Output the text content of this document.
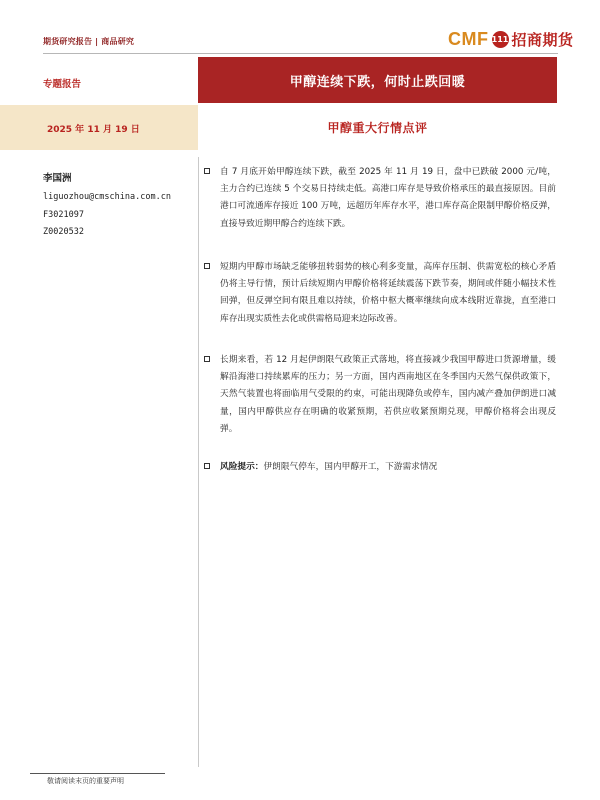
期货研究报告 | 商品研究	CMF 111 招商期货
专题报告
2025 年 11 月 19 日
甲醇连续下跌，何时止跌回暖
甲醇重大行情点评
李国洲
liguozhou@cmschina.com.cn
F3021097
Z0020532
自 7 月底开始甲醇连续下跌，截至 2025 年 11 月 19 日，盘中已跌破 2000 元/吨，主力合约已连续 5 个交易日持续走低。高港口库存是导致价格承压的最直接原因。目前港口可流通库存接近 100 万吨，远超历年库存水平，港口库存高企限制甲醇价格反弹，直接导致近期甲醇合约连续下跌。
短期内甲醇市场缺乏能够扭转弱势的核心利多变量，高库存压制、供需宽松的核心矛盾仍将主导行情，预计后续短期内甲醇价格将延续震荡下跌节奏，期间或伴随小幅技术性回弹，但反弹空间有限且难以持续，价格中枢大概率继续向成本线附近靠拢，直至港口库存出现实质性去化或供需格局迎来边际改善。
长期来看，若 12 月起伊朗限气政策正式落地，将直接减少我国甲醇进口货源增量，缓解沿海港口持续累库的压力；另一方面，国内西南地区在冬季国内天然气保供政策下，天然气装置也将面临用气受限的约束，可能出现降负或停车，国内减产叠加伊朗进口减量，国内甲醇供应存在明确的收紧预期，若供应收紧预期兑现，甲醇价格将会出现反弹。
风险提示：伊朗限气停车，国内甲醇开工，下游需求情况
敬请阅读末页的重要声明
